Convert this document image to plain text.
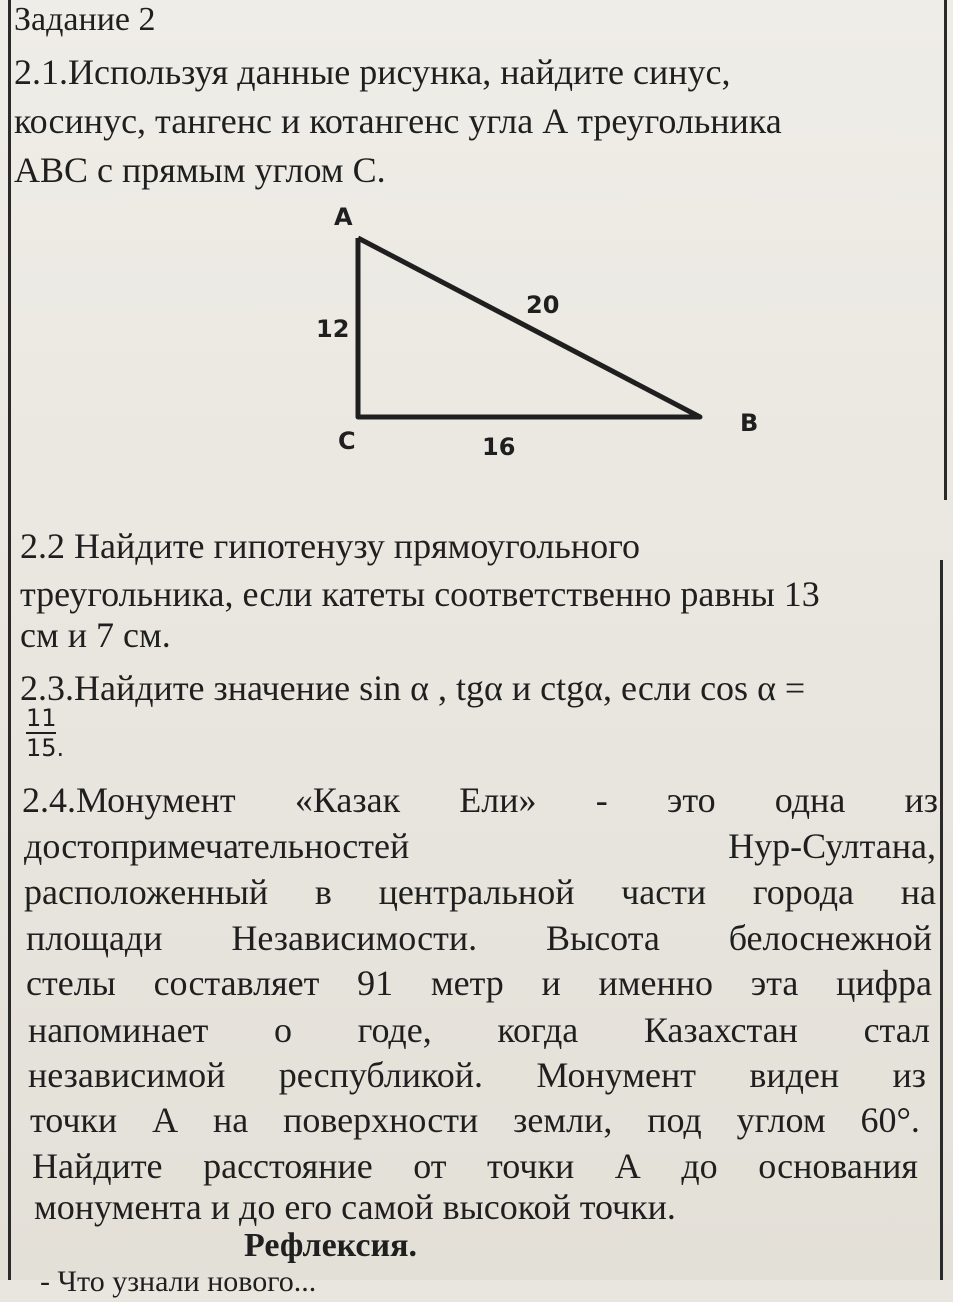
Задание 2
2.1.Используя данные рисунка, найдите синус,
косинус, тангенс и котангенс угла А треугольника
АВС с прямым углом С.
A
B
C
12
20
16
2.2 Найдите гипотенузу прямоугольного
треугольника, если катеты соответственно равны 13
см и 7 см.
2.3.Найдите значение sin α , tgα и ctgα, если cos α =
$\frac{11}{15.}$
2.4.Монумент «Казак Ели» - это одна из
достопримечательностей	Нур-Султана,
расположенный в центральной части города на
площади Независимости. Высота белоснежной
стелы составляет 91 метр и именно эта цифра
напоминает о годе, когда Казахстан стал
независимой республикой. Монумент виден из
точки А на поверхности земли, под углом 60°.
Найдите расстояние от точки А до основания
монумента и до его самой высокой точки.
Рефлексия.
- Что узнали нового...
